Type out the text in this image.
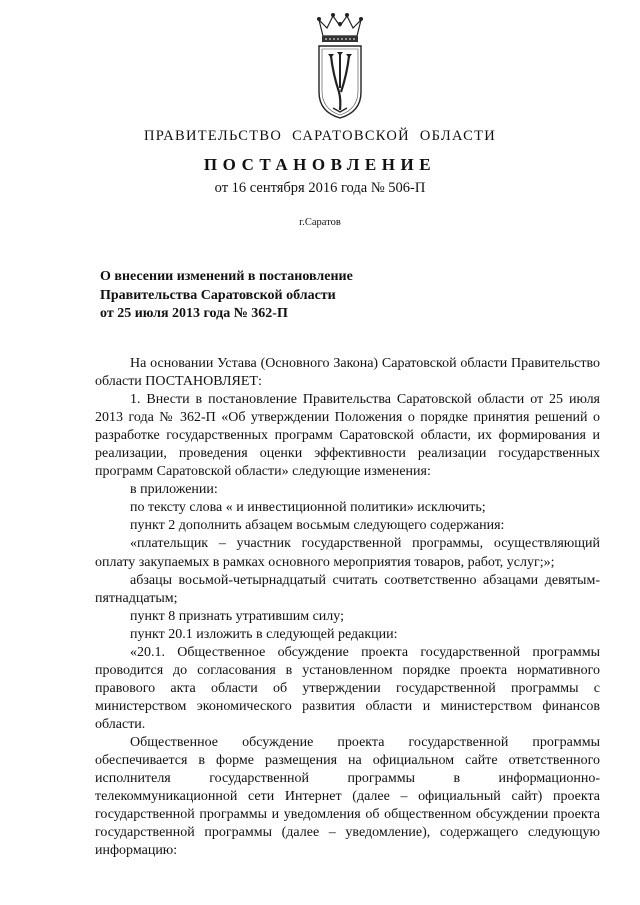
ПРАВИТЕЛЬСТВО САРАТОВСКОЙ ОБЛАСТИ
ПОСТАНОВЛЕНИЕ
от 16 сентября 2016 года № 506-П
г.Саратов
О внесении изменений в постановление
Правительства Саратовской области
от 25 июля 2013 года № 362-П

На основании Устава (Основного Закона) Саратовской области Правительство области ПОСТАНОВЛЯЕТ:

1. Внести в постановление Правительства Саратовской области от 25 июля 2013 года № 362-П «Об утверждении Положения о порядке принятия решений о разработке государственных программ Саратовской области, их формирования и реализации, проведения оценки эффективности реализации государственных программ Саратовской области» следующие изменения:

в приложении:

по тексту слова « и инвестиционной политики» исключить;

пункт 2 дополнить абзацем восьмым следующего содержания:

«плательщик – участник государственной программы, осуществляющий оплату закупаемых в рамках основного мероприятия товаров, работ, услуг;»;

абзацы восьмой-четырнадцатый считать соответственно абзацами девятым-пятнадцатым;

пункт 8 признать утратившим силу;

пункт 20.1 изложить в следующей редакции:

«20.1. Общественное обсуждение проекта государственной программы проводится до согласования в установленном порядке проекта нормативного правового акта области об утверждении государственной программы с министерством экономического развития области и министерством финансов области.

Общественное обсуждение проекта государственной программы обеспечивается в форме размещения на официальном сайте ответственного исполнителя государственной программы в информационно-телекоммуникационной сети Интернет (далее – официальный сайт) проекта государственной программы и уведомления об общественном обсуждении проекта государственной программы (далее – уведомление), содержащего следующую информацию:
